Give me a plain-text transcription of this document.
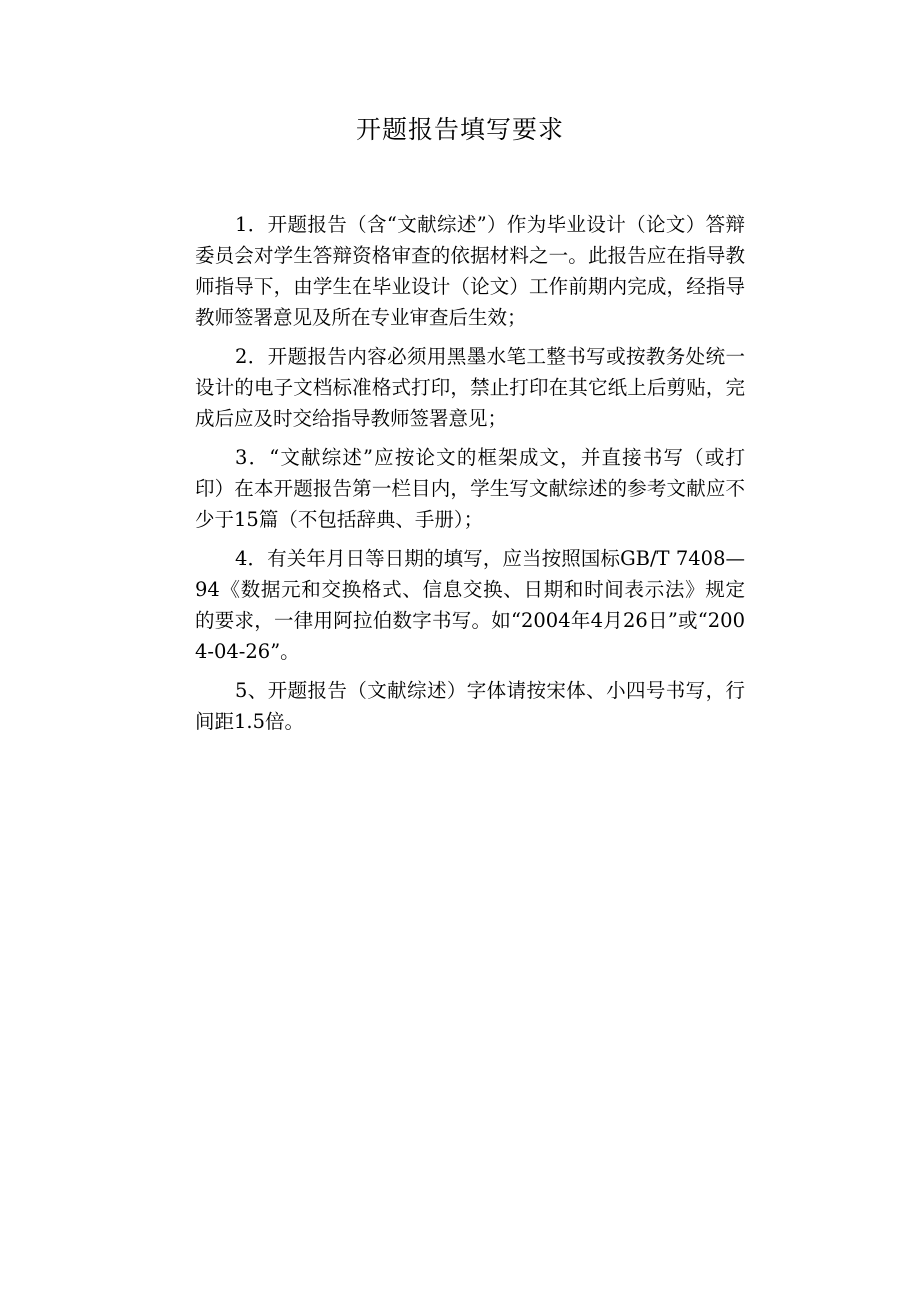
开题报告填写要求

1．开题报告（含“文献综述”）作为毕业设计（论文）答辩委员会对学生答辩资格审查的依据材料之一。此报告应在指导教师指导下，由学生在毕业设计（论文）工作前期内完成，经指导教师签署意见及所在专业审查后生效；

2．开题报告内容必须用黑墨水笔工整书写或按教务处统一设计的电子文档标准格式打印，禁止打印在其它纸上后剪贴，完成后应及时交给指导教师签署意见；

3．“文献综述”应按论文的框架成文，并直接书写（或打印）在本开题报告第一栏目内，学生写文献综述的参考文献应不少于15篇（不包括辞典、手册）；

4．有关年月日等日期的填写，应当按照国标GB/T 7408—94《数据元和交换格式、信息交换、日期和时间表示法》规定的要求，一律用阿拉伯数字书写。如“2004年4月26日”或“2004-04-26”。

5、开题报告（文献综述）字体请按宋体、小四号书写，行间距1.5倍。
